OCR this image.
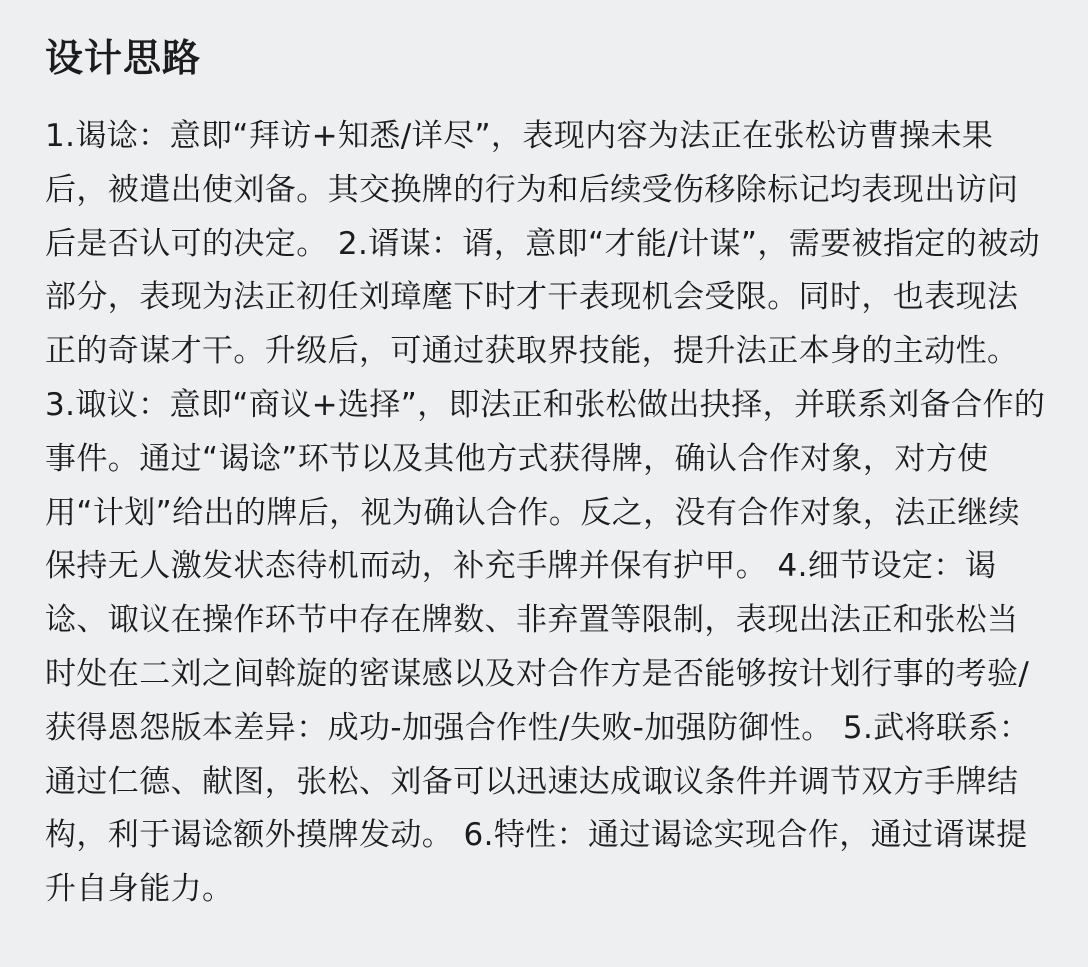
设计思路

1.谒谂：意即“拜访+知悉/详尽”，表现内容为法正在张松访曹操未果后，被遣出使刘备。其交换牌的行为和后续受伤移除标记均表现出访问后是否认可的决定。 2.谞谋：谞，意即“才能/计谋”，需要被指定的被动部分，表现为法正初任刘璋麾下时才干表现机会受限。同时，也表现法正的奇谋才干。升级后，可通过获取界技能，提升法正本身的主动性。 3.诹议：意即“商议+选择”，即法正和张松做出抉择，并联系刘备合作的事件。通过“谒谂”环节以及其他方式获得牌，确认合作对象，对方使用“计划”给出的牌后，视为确认合作。反之，没有合作对象，法正继续保持无人激发状态待机而动，补充手牌并保有护甲。 4.细节设定：谒谂、诹议在操作环节中存在牌数、非弃置等限制，表现出法正和张松当时处在二刘之间斡旋的密谋感以及对合作方是否能够按计划行事的考验/获得恩怨版本差异：成功-加强合作性/失败-加强防御性。 5.武将联系：通过仁德、献图，张松、刘备可以迅速达成诹议条件并调节双方手牌结构，利于谒谂额外摸牌发动。 6.特性：通过谒谂实现合作，通过谞谋提升自身能力。
